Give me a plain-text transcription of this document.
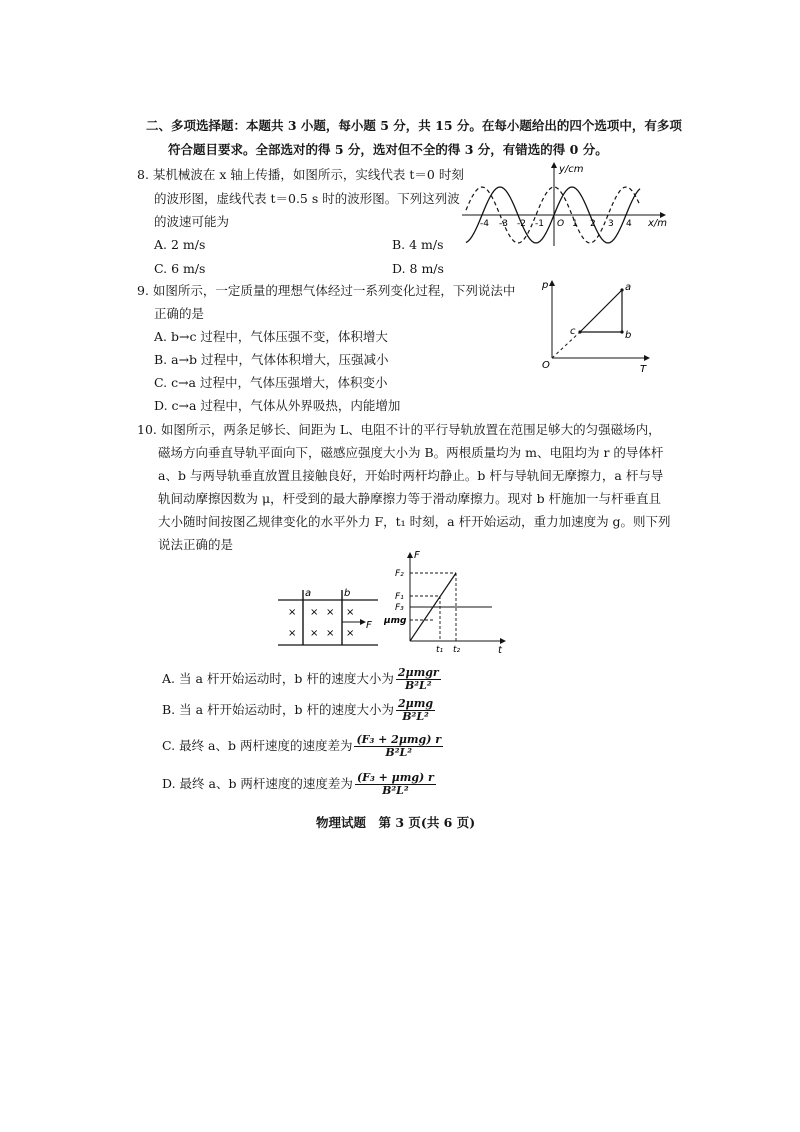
二、多项选择题：本题共 3 小题，每小题 5 分，共 15 分。在每小题给出的四个选项中，有多项
符合题目要求。全部选对的得 5 分，选对但不全的得 3 分，有错选的得 0 分。
8. 某机械波在 x 轴上传播，如图所示，实线代表 t＝0 时刻
的波形图，虚线代表 t＝0.5 s 时的波形图。下列这列波
的波速可能为
A. 2 m/s	B. 4 m/s
C. 6 m/s	D. 8 m/s
y/cm
x/m
-4 -3 -2 -1 O 1 2 3 4
9. 如图所示，一定质量的理想气体经过一系列变化过程，下列说法中
正确的是
A. b→c 过程中，气体压强不变，体积增大
B. a→b 过程中，气体体积增大，压强减小
C. c→a 过程中，气体压强增大，体积变小
D. c→a 过程中，气体从外界吸热，内能增加
p
T
O
a
b
c
10. 如图所示，两条足够长、间距为 L、电阻不计的平行导轨放置在范围足够大的匀强磁场内，
磁场方向垂直导轨平面向下，磁感应强度大小为 B。两根质量均为 m、电阻均为 r 的导体杆
a、b 与两导轨垂直放置且接触良好，开始时两杆均静止。b 杆与导轨间无摩擦力，a 杆与导
轨间动摩擦因数为 μ，杆受到的最大静摩擦力等于滑动摩擦力。现对 b 杆施加一与杆垂直且
大小随时间按图乙规律变化的水平外力 F，t₁ 时刻，a 杆开始运动，重力加速度为 g。则下列
说法正确的是
a	b
F
× × × ×
× × × ×
F
t
F₂
F₁
F₃
μmg
t₁ t₂
A. 当 a 杆开始运动时，b 杆的速度大小为 $\frac{\text{2μmgr}}{\text{B²L²}}$
B. 当 a 杆开始运动时，b 杆的速度大小为 $\frac{\text{2μmg}}{\text{B²L²}}$
C. 最终 a、b 两杆速度的速度差为 $\frac{\text{(F₃ + 2μmg) r}}{\text{B²L²}}$
D. 最终 a、b 两杆速度的速度差为 $\frac{\text{(F₃ + μmg) r}}{\text{B²L²}}$
物理试题　第 3 页(共 6 页)
